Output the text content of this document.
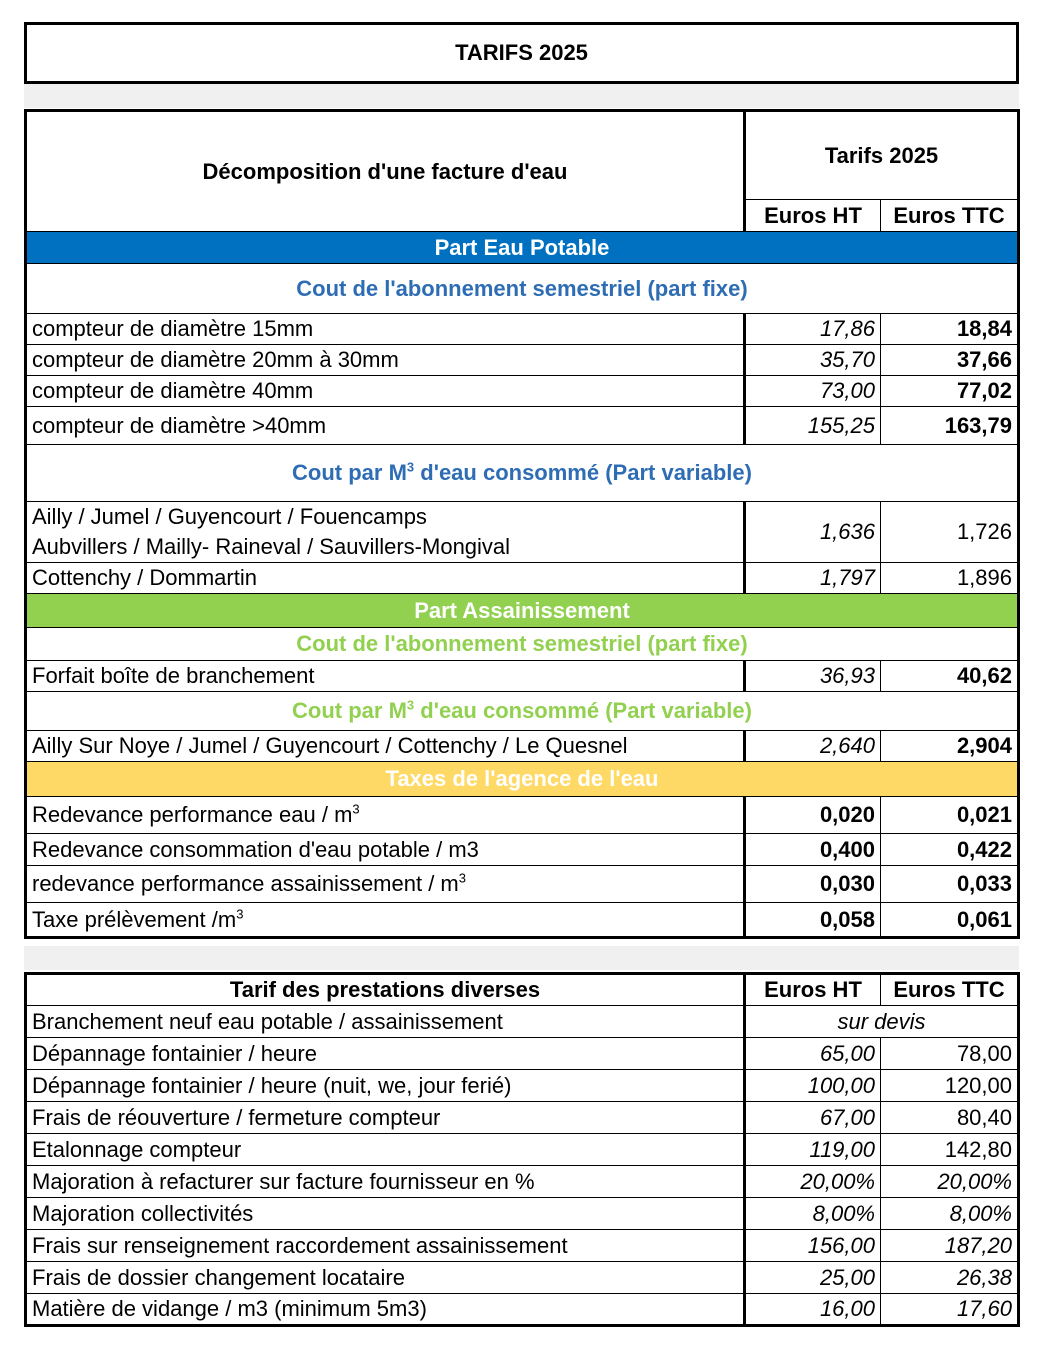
TARIFS 2025
Décomposition d'une facture d'eau	Tarifs 2025	
	Euros HT	Euros TTC
Part Eau Potable		
Cout de l'abonnement semestriel (part fixe)		
compteur de diamètre 15mm	17,86	18,84
compteur de diamètre 20mm à 30mm	35,70	37,66
compteur de diamètre 40mm	73,00	77,02
compteur de diamètre >40mm	155,25	163,79
Cout par $M^3$ d'eau consommé (Part variable)		

Ailly / Jumel / Guyencourt / Fouencamps
Aubvillers / Mailly- Raineval / Sauvillers-Mongival	1,636	1,726
Cottenchy / Dommartin	1,797	1,896
Part Assainissement		
Cout de l'abonnement semestriel (part fixe)		
Forfait boîte de branchement	36,93	40,62
Cout par $M^3$ d'eau consommé (Part variable)		
Ailly Sur Noye / Jumel / Guyencourt / Cottenchy / Le Quesnel	2,640	2,904
Taxes de l'agence de l'eau		
Redevance performance eau / $m^3$	0,020	0,021
Redevance consommation d'eau potable / m3	0,400	0,422
redevance performance assainissement / $m^3$	0,030	0,033
Taxe prélèvement $/m^3$	0,058	0,061
Tarif des prestations diverses	Euros HT	Euros TTC
Branchement neuf eau potable / assainissement	sur devis	
Dépannage fontainier / heure	65,00	78,00
Dépannage fontainier / heure (nuit, we, jour ferié)	100,00	120,00
Frais de réouverture / fermeture compteur	67,00	80,40
Etalonnage compteur	119,00	142,80
Majoration à refacturer sur facture fournisseur en %	20,00%	20,00%
Majoration collectivités	8,00%	8,00%
Frais sur renseignement raccordement assainissement	156,00	187,20
Frais de dossier changement locataire	25,00	26,38
Matière de vidange / m3 (minimum 5m3)	16,00	17,60
